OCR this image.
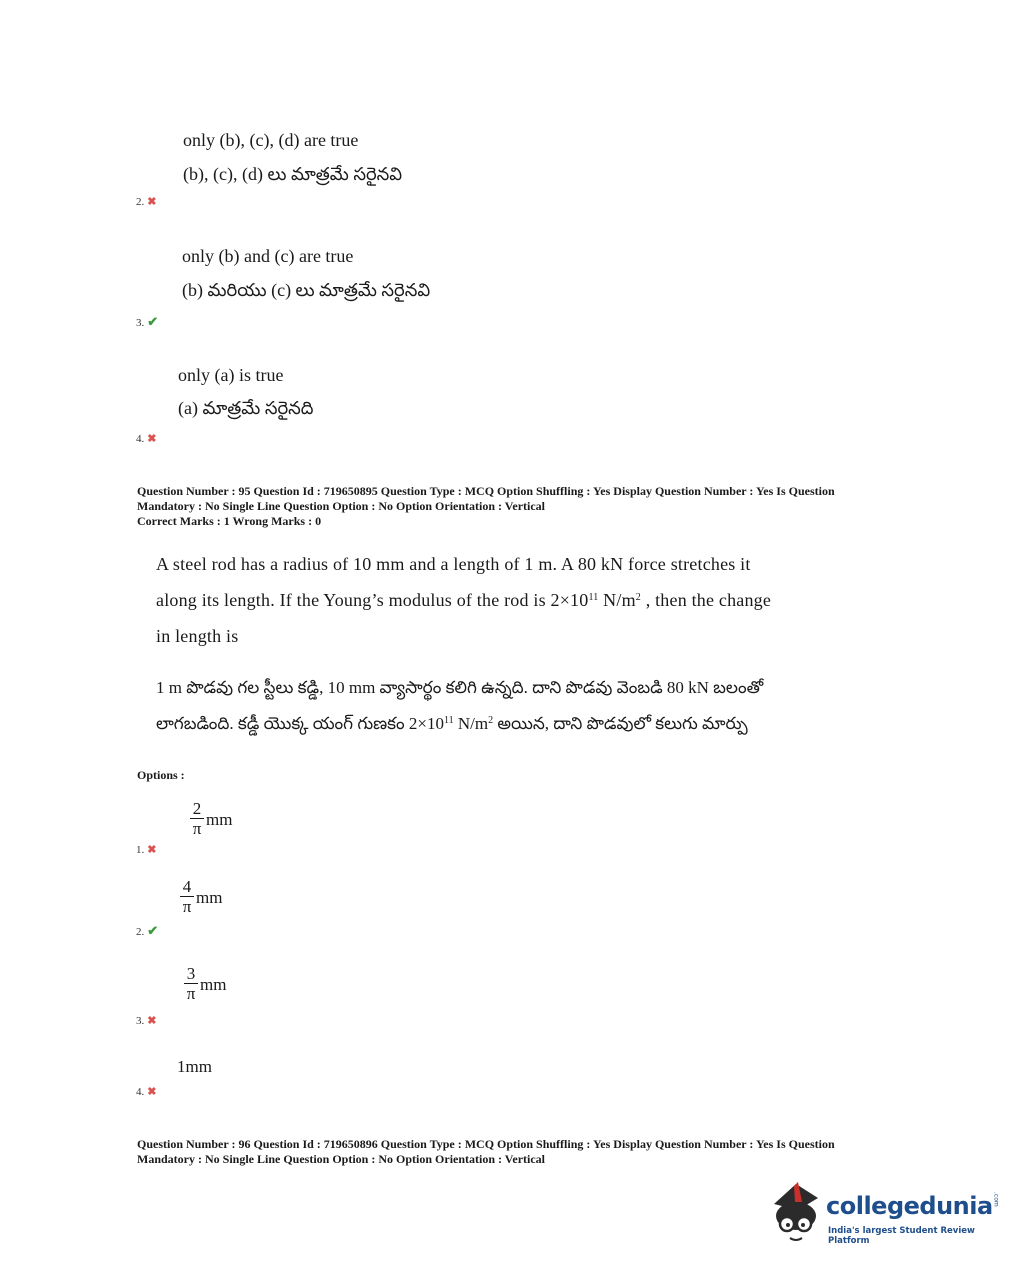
only (b), (c), (d) are true
(b), (c), (d) లు మాత్రమే సరైనవి
2. ✖
only (b) and (c) are true
(b) మరియు (c) లు మాత్రమే సరైనవి
3. ✔
only (a) is true
(a) మాత్రమే సరైనది
4. ✖
Question Number : 95 Question Id : 719650895 Question Type : MCQ Option Shuffling : Yes Display Question Number : Yes Is Question
Mandatory : No Single Line Question Option : No Option Orientation : Vertical
Correct Marks : 1 Wrong Marks : 0
A steel rod has a radius of 10 mm and a length of 1 m. A 80 kN force stretches it
along its length. If the Young’s modulus of the rod is $2\times 10^{11}$ $N/m^2$ , then the change
in length is
1 m పొడవు గల స్టీలు కడ్డి, 10 mm వ్యాసార్థం కలిగి ఉన్నది. దాని పొడవు వెంబడి 80 kN బలంతో
లాగబడింది. కడ్డీ యొక్క యంగ్ గుణకం $2\times 10^{11}$ $N/m^2$ అయిన, దాని పొడవులో కలుగు మార్పు
Options :
$\frac{2}{\pi}$ mm
1. ✖
$\frac{4}{\pi}$ mm
2. ✔
$\frac{3}{\pi}$ mm
3. ✖
1mm
4. ✖
Question Number : 96 Question Id : 719650896 Question Type : MCQ Option Shuffling : Yes Display Question Number : Yes Is Question
Mandatory : No Single Line Question Option : No Option Orientation : Vertical
collegedunia .com
India's largest Student Review Platform
